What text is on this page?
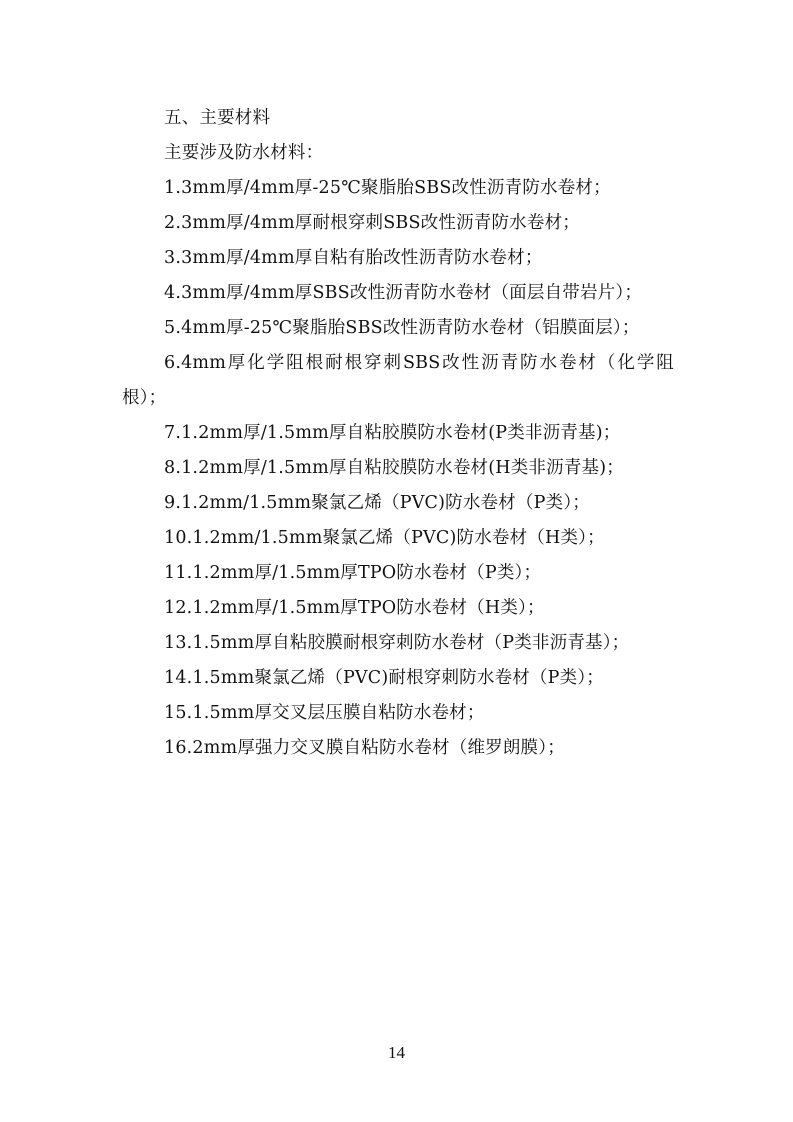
五、主要材料

主要涉及防水材料：

1.3mm厚/4mm厚-25℃聚脂胎SBS改性沥青防水卷材；

2.3mm厚/4mm厚耐根穿刺SBS改性沥青防水卷材；

3.3mm厚/4mm厚自粘有胎改性沥青防水卷材；

4.3mm厚/4mm厚SBS改性沥青防水卷材（面层自带岩片）；

5.4mm厚-25℃聚脂胎SBS改性沥青防水卷材（铝膜面层）；

6.4mm厚化学阻根耐根穿刺SBS改性沥青防水卷材（化学阻根）；

7.1.2mm厚/1.5mm厚自粘胶膜防水卷材(P类非沥青基)；

8.1.2mm厚/1.5mm厚自粘胶膜防水卷材(H类非沥青基)；

9.1.2mm/1.5mm聚氯乙烯（PVC)防水卷材（P类）；

10.1.2mm/1.5mm聚氯乙烯（PVC)防水卷材（H类）；

11.1.2mm厚/1.5mm厚TPO防水卷材（P类）；

12.1.2mm厚/1.5mm厚TPO防水卷材（H类）；

13.1.5mm厚自粘胶膜耐根穿刺防水卷材（P类非沥青基）；

14.1.5mm聚氯乙烯（PVC)耐根穿刺防水卷材（P类）；

15.1.5mm厚交叉层压膜自粘防水卷材；

16.2mm厚强力交叉膜自粘防水卷材（维罗朗膜）；

14
